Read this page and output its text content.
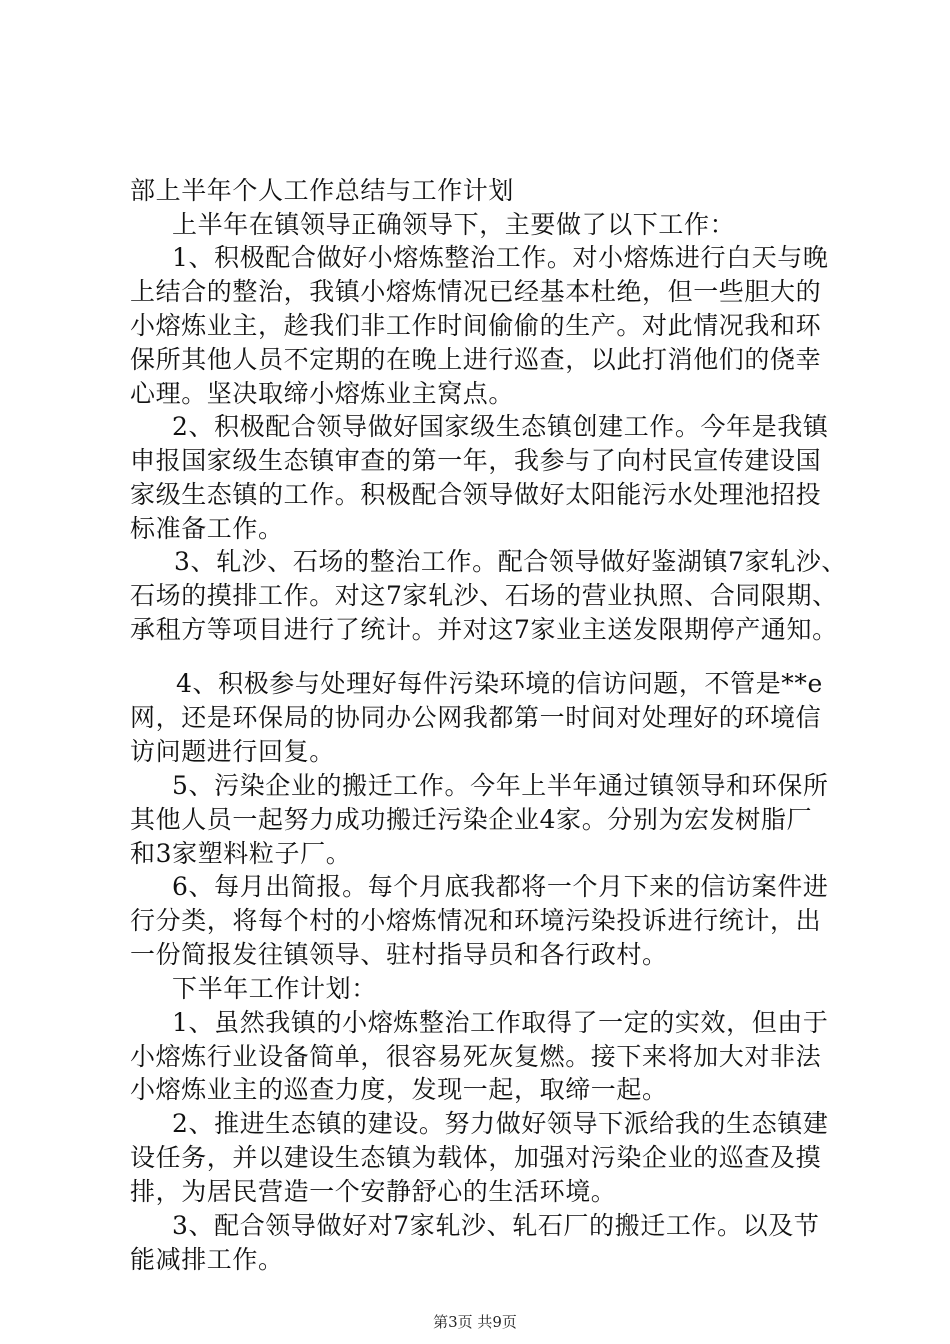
部上半年个人工作总结与工作计划
上半年在镇领导正确领导下，主要做了以下工作：
1、积极配合做好小熔炼整治工作。对小熔炼进行白天与晚
上结合的整治，我镇小熔炼情况已经基本杜绝，但一些胆大的
小熔炼业主，趁我们非工作时间偷偷的生产。对此情况我和环
保所其他人员不定期的在晚上进行巡查，以此打消他们的侥幸
心理。坚决取缔小熔炼业主窝点。
2、积极配合领导做好国家级生态镇创建工作。今年是我镇
申报国家级生态镇审查的第一年，我参与了向村民宣传建设国
家级生态镇的工作。积极配合领导做好太阳能污水处理池招投
标准备工作。
3、轧沙、石场的整治工作。配合领导做好鉴湖镇7家轧沙、
石场的摸排工作。对这7家轧沙、石场的营业执照、合同限期、
承租方等项目进行了统计。并对这7家业主送发限期停产通知。
4、积极参与处理好每件污染环境的信访问题，不管是**e
网，还是环保局的协同办公网我都第一时间对处理好的环境信
访问题进行回复。
5、污染企业的搬迁工作。今年上半年通过镇领导和环保所
其他人员一起努力成功搬迁污染企业4家。分别为宏发树脂厂
和3家塑料粒子厂。
6、每月出简报。每个月底我都将一个月下来的信访案件进
行分类，将每个村的小熔炼情况和环境污染投诉进行统计，出
一份简报发往镇领导、驻村指导员和各行政村。
下半年工作计划：
1、虽然我镇的小熔炼整治工作取得了一定的实效，但由于
小熔炼行业设备简单，很容易死灰复燃。接下来将加大对非法
小熔炼业主的巡查力度，发现一起，取缔一起。
2、推进生态镇的建设。努力做好领导下派给我的生态镇建
设任务，并以建设生态镇为载体，加强对污染企业的巡查及摸
排，为居民营造一个安静舒心的生活环境。
3、配合领导做好对7家轧沙、轧石厂的搬迁工作。以及节
能减排工作。
第3页 共9页
